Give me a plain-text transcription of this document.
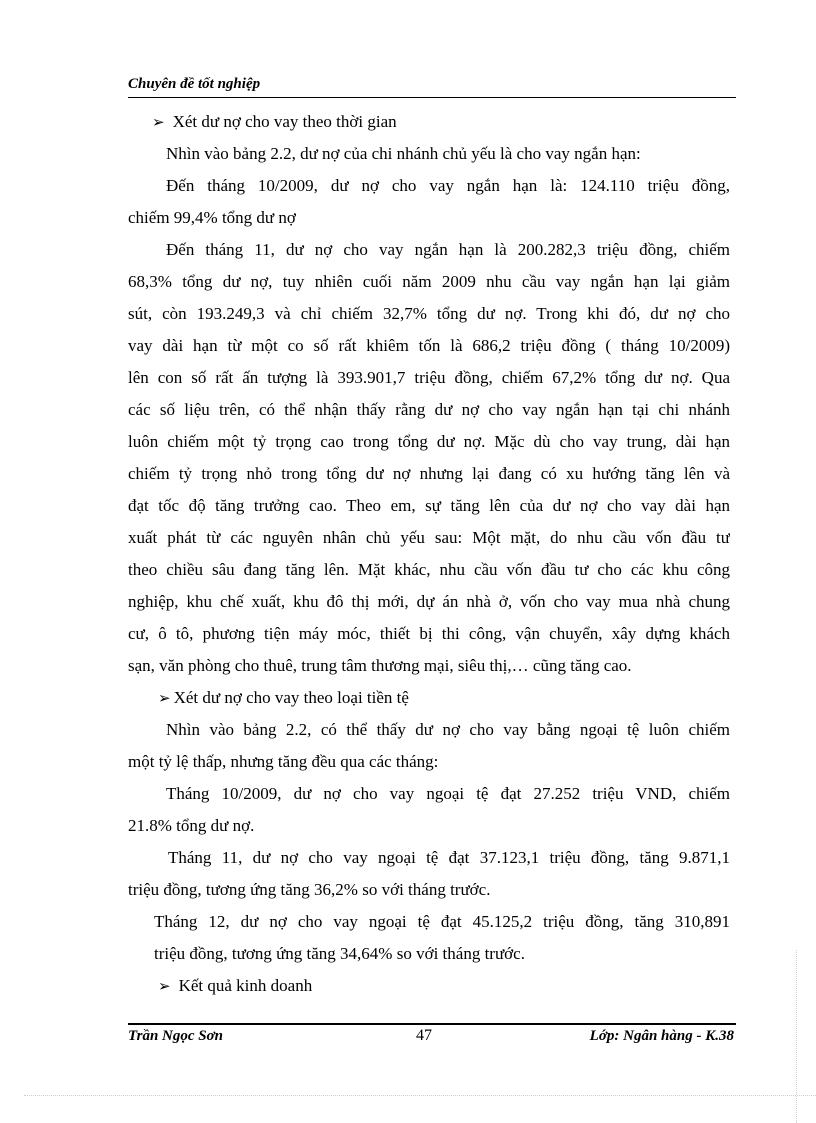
Chuyên đề tốt nghiệp
➢ Xét dư nợ cho vay theo thời gian
Nhìn vào bảng 2.2, dư nợ của chi nhánh chủ yếu là cho vay ngắn hạn:
Đến tháng 10/2009, dư nợ cho vay ngắn hạn là: 124.110 triệu đồng,
chiếm 99,4% tổng dư nợ
Đến tháng 11, dư nợ cho vay ngắn hạn là 200.282,3 triệu đồng, chiếm
68,3% tổng dư nợ, tuy nhiên cuối năm 2009 nhu cầu vay ngắn hạn lại giảm
sút, còn 193.249,3 và chỉ chiếm 32,7% tổng dư nợ. Trong khi đó, dư nợ cho
vay dài hạn từ một co số rất khiêm tốn là 686,2 triệu đồng ( tháng 10/2009)
lên con số rất ấn tượng là 393.901,7 triệu đồng, chiếm 67,2% tổng dư nợ. Qua
các số liệu trên, có thể nhận thấy rằng dư nợ cho vay ngắn hạn tại chi nhánh
luôn chiếm một tỷ trọng cao trong tổng dư nợ. Mặc dù cho vay trung, dài hạn
chiếm tỷ trọng nhỏ trong tổng dư nợ nhưng lại đang có xu hướng tăng lên và
đạt tốc độ tăng trưởng cao. Theo em, sự tăng lên của dư nợ cho vay dài hạn
xuất phát từ các nguyên nhân chủ yếu sau: Một mặt, do nhu cầu vốn đầu tư
theo chiều sâu đang tăng lên. Mặt khác, nhu cầu vốn đầu tư cho các khu công
nghiệp, khu chế xuất, khu đô thị mới, dự án nhà ở, vốn cho vay mua nhà chung
cư, ô tô, phương tiện máy móc, thiết bị thi công, vận chuyển, xây dựng khách
sạn, văn phòng cho thuê, trung tâm thương mại, siêu thị,… cũng tăng cao.
➢ Xét dư nợ cho vay theo loại tiền tệ
Nhìn vào bảng 2.2, có thể thấy dư nợ cho vay bằng ngoại tệ luôn chiếm
một tỷ lệ thấp, nhưng tăng đều qua các tháng:
Tháng 10/2009, dư nợ cho vay ngoại tệ đạt 27.252 triệu VND, chiếm
21.8% tổng dư nợ.
Tháng 11, dư nợ cho vay ngoại tệ đạt 37.123,1 triệu đồng, tăng 9.871,1
triệu đồng, tương ứng tăng 36,2% so với tháng trước.
Tháng 12, dư nợ cho vay ngoại tệ đạt 45.125,2 triệu đồng, tăng 310,891
triệu đồng, tương ứng tăng 34,64% so với tháng trước.
➢ Kết quả kinh doanh
Trần Ngọc Sơn	47	Lớp: Ngân hàng - K.38
